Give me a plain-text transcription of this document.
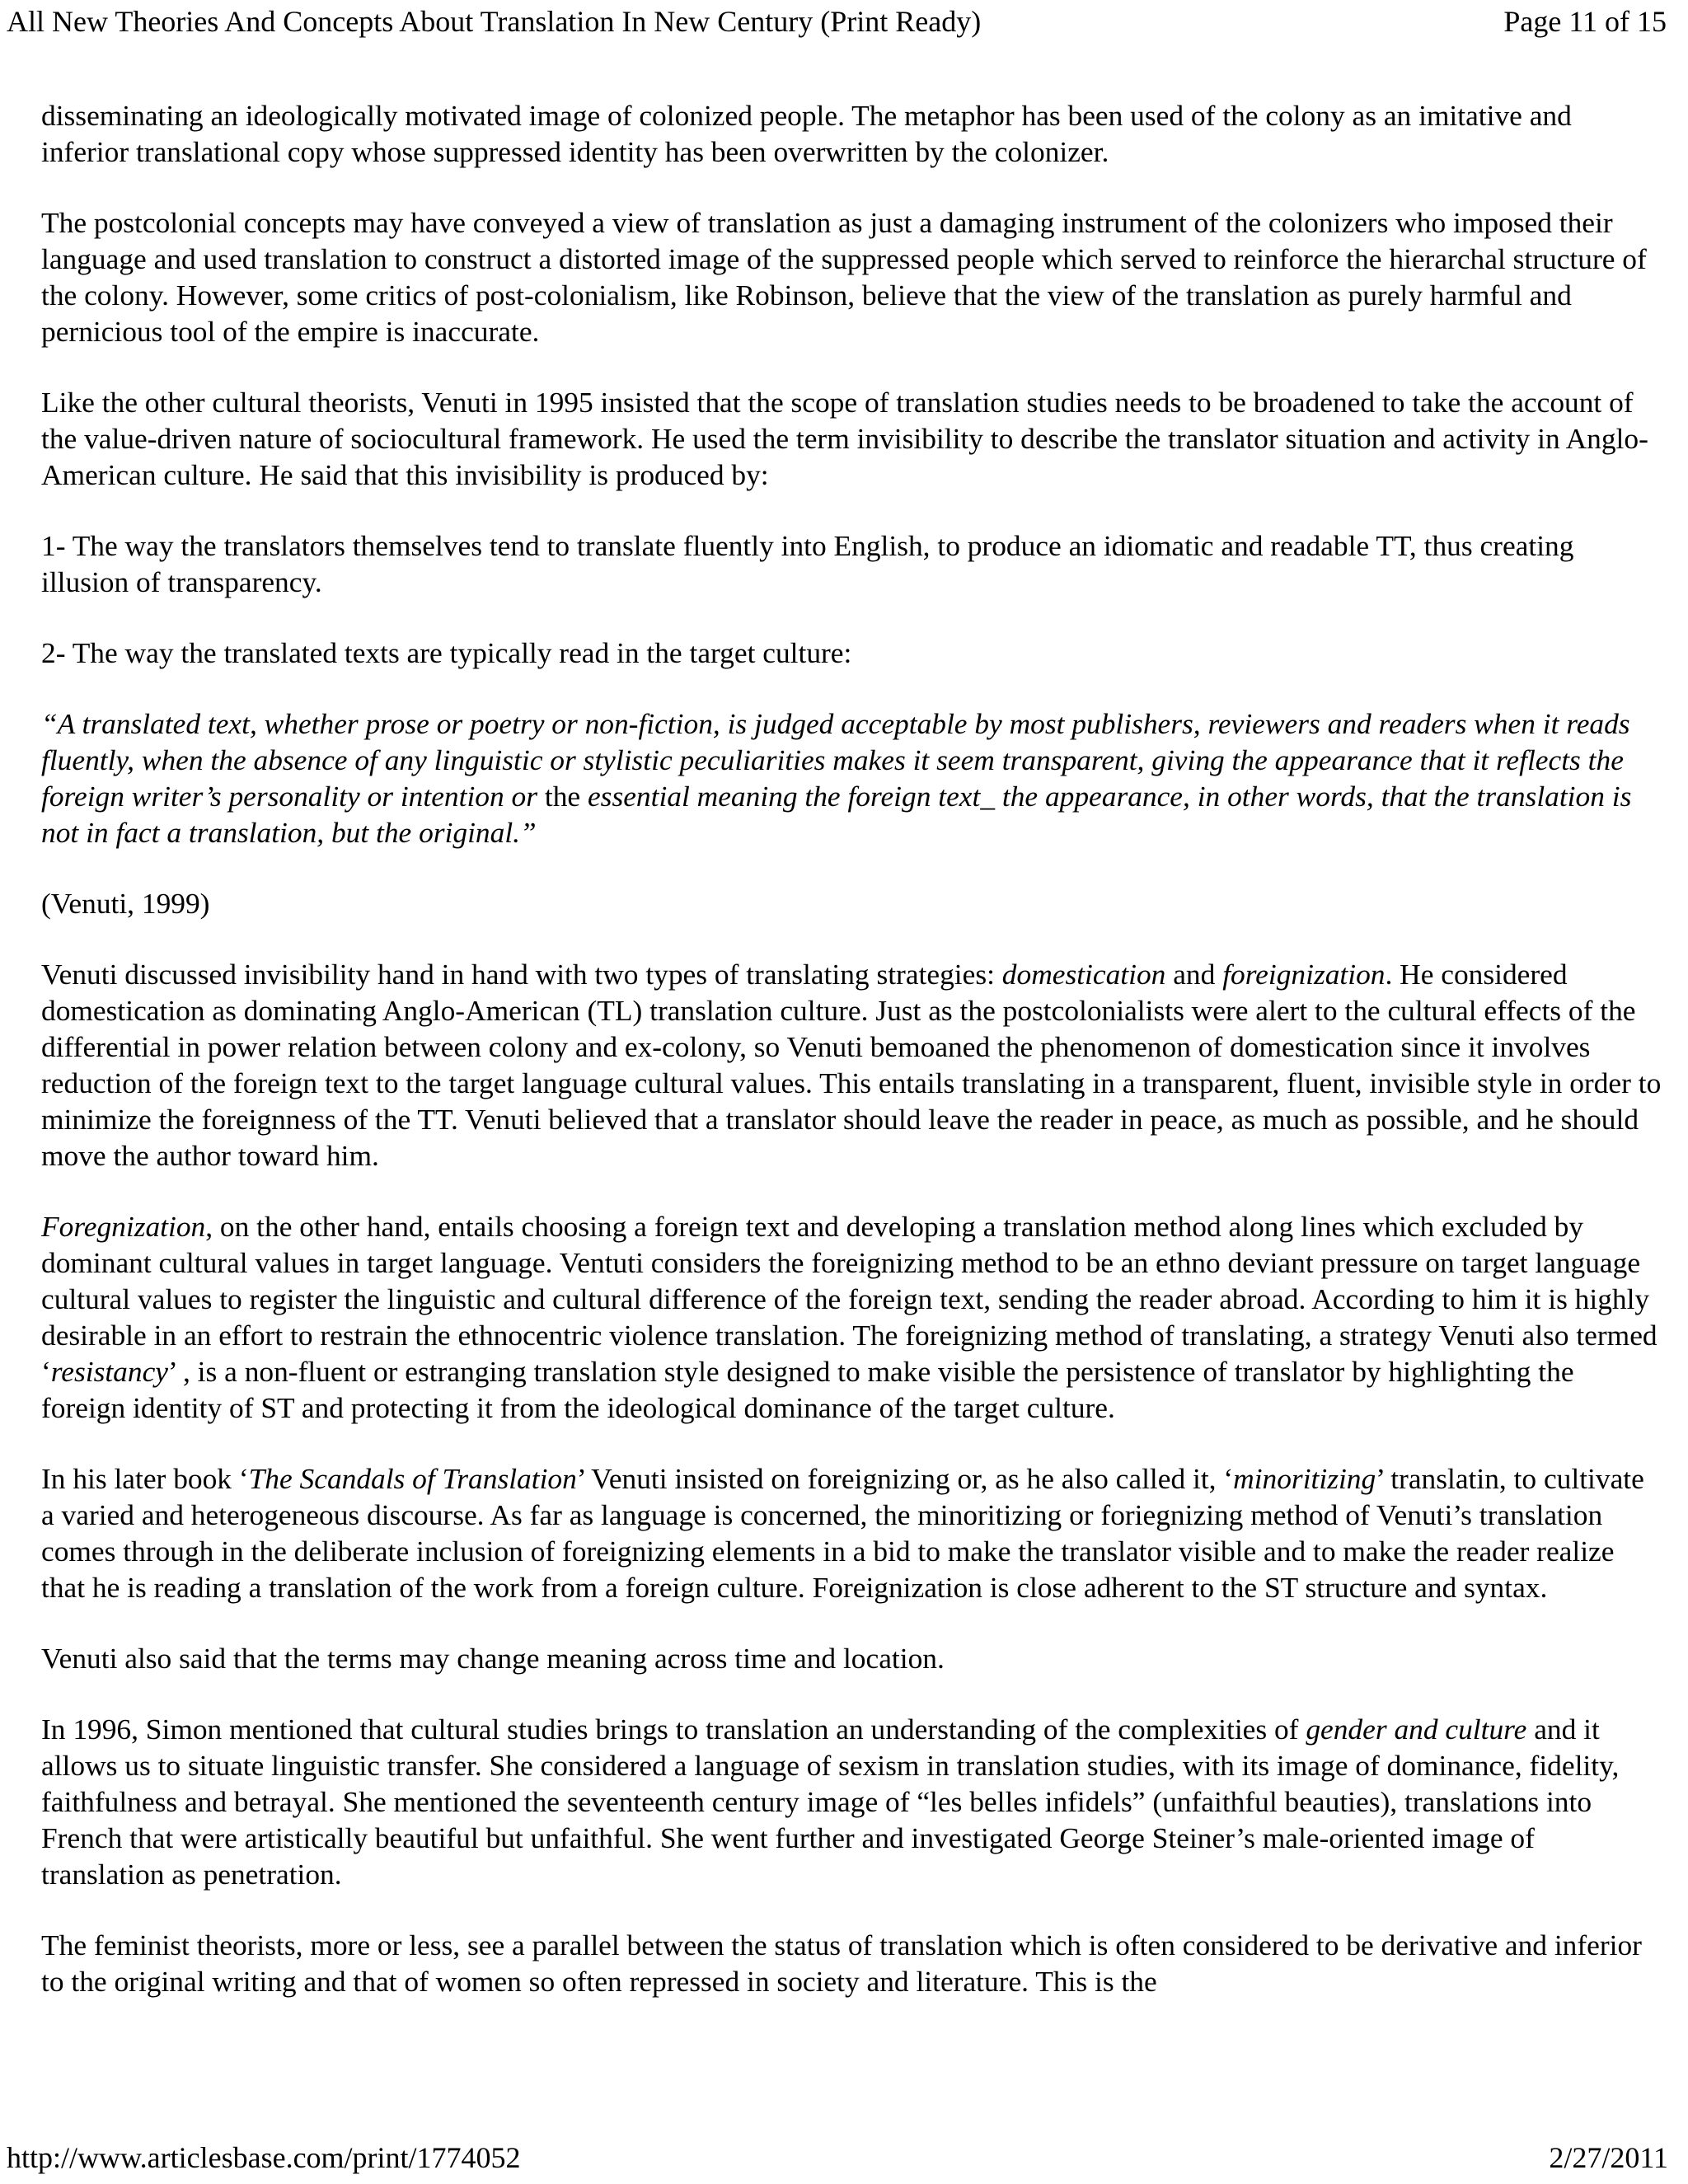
All New Theories And Concepts About Translation In New Century (Print Ready)	Page 11 of 15

disseminating an ideologically motivated image of colonized people. The metaphor has been used of the colony as an imitative and inferior translational copy whose suppressed identity has been overwritten by the colonizer.

The postcolonial concepts may have conveyed a view of translation as just a damaging instrument of the colonizers who imposed their language and used translation to construct a distorted image of the suppressed people which served to reinforce the hierarchal structure of the colony. However, some critics of post-colonialism, like Robinson, believe that the view of the translation as purely harmful and pernicious tool of the empire is inaccurate.

Like the other cultural theorists, Venuti in 1995 insisted that the scope of translation studies needs to be broadened to take the account of the value-driven nature of sociocultural framework. He used the term invisibility to describe the translator situation and activity in Anglo-American culture. He said that this invisibility is produced by:

1- The way the translators themselves tend to translate fluently into English, to produce an idiomatic and readable TT, thus creating illusion of transparency.

2- The way the translated texts are typically read in the target culture:

“A translated text, whether prose or poetry or non-fiction, is judged acceptable by most publishers, reviewers and readers when it reads fluently, when the absence of any linguistic or stylistic peculiarities makes it seem transparent, giving the appearance that it reflects the foreign writer’s personality or intention or the essential meaning the foreign text_ the appearance, in other words, that the translation is not in fact a translation, but the original.”

(Venuti, 1999)

Venuti discussed invisibility hand in hand with two types of translating strategies: domestication and foreignization. He considered domestication as dominating Anglo-American (TL) translation culture. Just as the postcolonialists were alert to the cultural effects of the differential in power relation between colony and ex-colony, so Venuti bemoaned the phenomenon of domestication since it involves reduction of the foreign text to the target language cultural values. This entails translating in a transparent, fluent, invisible style in order to minimize the foreignness of the TT. Venuti believed that a translator should leave the reader in peace, as much as possible, and he should move the author toward him.

Foregnization, on the other hand, entails choosing a foreign text and developing a translation method along lines which excluded by dominant cultural values in target language. Ventuti considers the foreignizing method to be an ethno deviant pressure on target language cultural values to register the linguistic and cultural difference of the foreign text, sending the reader abroad. According to him it is highly desirable in an effort to restrain the ethnocentric violence translation. The foreignizing method of translating, a strategy Venuti also termed ‘resistancy’ , is a non-fluent or estranging translation style designed to make visible the persistence of translator by highlighting the foreign identity of ST and protecting it from the ideological dominance of the target culture.

In his later book ‘The Scandals of Translation’ Venuti insisted on foreignizing or, as he also called it, ‘minoritizing’ translatin, to cultivate a varied and heterogeneous discourse. As far as language is concerned, the minoritizing or foriegnizing method of Venuti’s translation comes through in the deliberate inclusion of foreignizing elements in a bid to make the translator visible and to make the reader realize that he is reading a translation of the work from a foreign culture. Foreignization is close adherent to the ST structure and syntax.

Venuti also said that the terms may change meaning across time and location.

In 1996, Simon mentioned that cultural studies brings to translation an understanding of the complexities of gender and culture and it allows us to situate linguistic transfer. She considered a language of sexism in translation studies, with its image of dominance, fidelity, faithfulness and betrayal. She mentioned the seventeenth century image of “les belles infidels” (unfaithful beauties), translations into French that were artistically beautiful but unfaithful. She went further and investigated George Steiner’s male-oriented image of translation as penetration.

The feminist theorists, more or less, see a parallel between the status of translation which is often considered to be derivative and inferior to the original writing and that of women so often repressed in society and literature. This is the

http://www.articlesbase.com/print/1774052	2/27/2011
